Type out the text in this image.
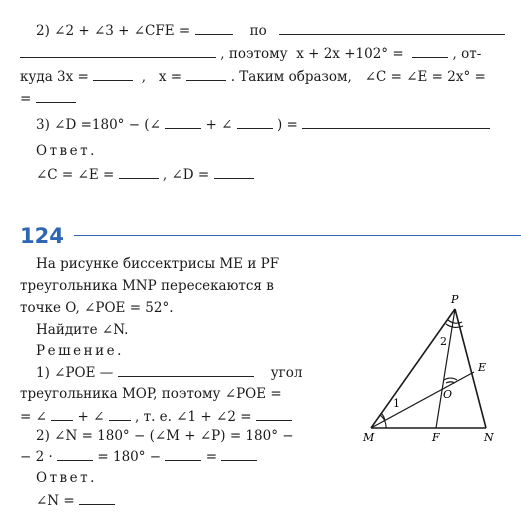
2) ∠2 + ∠3 + ∠CFE =	по
, поэтому x + 2x +102° =	, от-
куда 3x =	, x =	. Таким образом, ∠C = ∠E = 2x° =
=
3) ∠D =180° − (∠	+ ∠	) =
Ответ.
∠C = ∠E =	, ∠D =
124
На рисунке биссектрисы ME и PF
треугольника MNP пересекаются в
точке O, ∠POE = 52°.
Найдите ∠N.
Решение.
1) ∠POE —	угол
треугольника MOP, поэтому ∠POE =
= ∠ + ∠ , т. е. ∠1 + ∠2 =
2) ∠N = 180° − (∠M + ∠P) = 180° −
− 2 ·	= 180° −	=
Ответ.
∠N =
P
M	N
E
F
O
1
2
